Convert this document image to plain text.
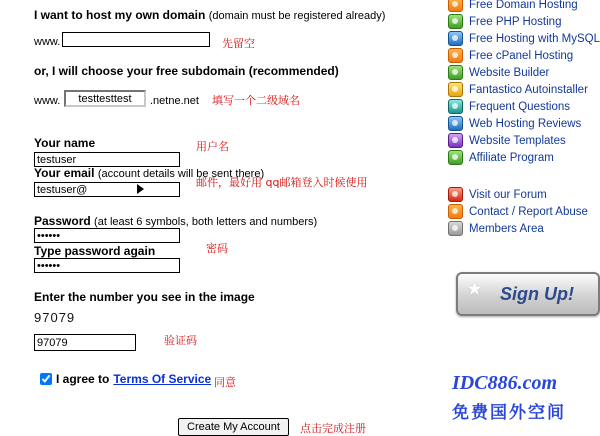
I want to host my own domain (domain must be registered already)
www.	先留空
or, I will choose your free subdomain (recommended)
www.
testtesttest	.netne.net 填写一个二级域名
Your name
testuser	用户名
Your email (account details will be sent there)
testuser@
邮件，最好用 qq邮箱登入时候使用
Password (at least 6 symbols, both letters and numbers)
••••••
Type password again
••••••	密码
Enter the number you see in the image
97079
97079
验证码
I agree to Terms Of Service 同意
Create My Account	点击完成注册
Free Domain Hosting
Free PHP Hosting
Free Hosting with MySQL
Free cPanel Hosting
Website Builder
Fantastico Autoinstaller
Frequent Questions
Web Hosting Reviews
Website Templates
Affiliate Program
Visit our Forum
Contact / Report Abuse
Members Area
★ Sign Up!
IDC886.com
免费国外空间
